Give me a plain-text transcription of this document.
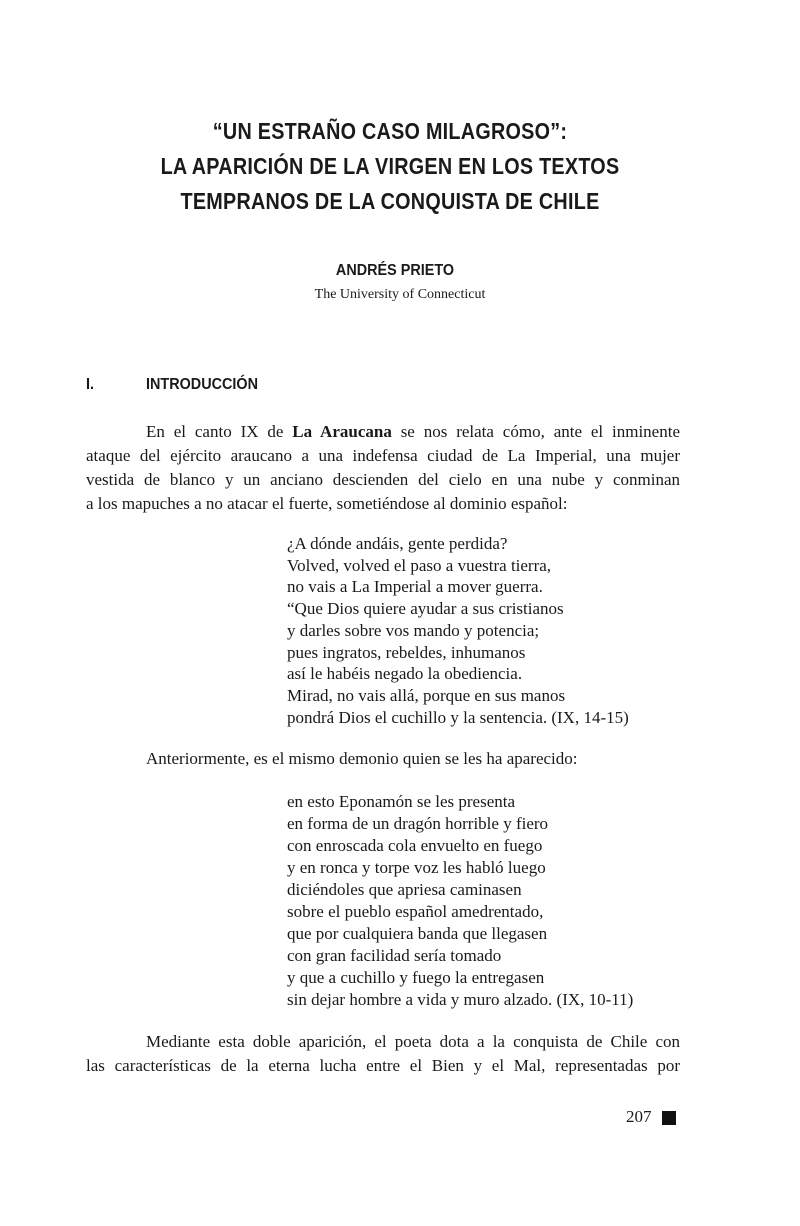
“UN ESTRAÑO CASO MILAGROSO”:
LA APARICIÓN DE LA VIRGEN EN LOS TEXTOS
TEMPRANOS DE LA CONQUISTA DE CHILE
ANDRÉS PRIETO
The University of Connecticut
I.	INTRODUCCIÓN
En el canto IX de La Araucana se nos relata cómo, ante el inminente
ataque del ejército araucano a una indefensa ciudad de La Imperial, una mujer
vestida de blanco y un anciano descienden del cielo en una nube y conminan
a los mapuches a no atacar el fuerte, sometiéndose al dominio español:
¿A dónde andáis, gente perdida?
Volved, volved el paso a vuestra tierra,
no vais a La Imperial a mover guerra.
“Que Dios quiere ayudar a sus cristianos
y darles sobre vos mando y potencia;
pues ingratos, rebeldes, inhumanos
así le habéis negado la obediencia.
Mirad, no vais allá, porque en sus manos
pondrá Dios el cuchillo y la sentencia. (IX, 14-15)
Anteriormente, es el mismo demonio quien se les ha aparecido:
en esto Eponamón se les presenta
en forma de un dragón horrible y fiero
con enroscada cola envuelto en fuego
y en ronca y torpe voz les habló luego
diciéndoles que apriesa caminasen
sobre el pueblo español amedrentado,
que por cualquiera banda que llegasen
con gran facilidad sería tomado
y que a cuchillo y fuego la entregasen
sin dejar hombre a vida y muro alzado. (IX, 10-11)
Mediante esta doble aparición, el poeta dota a la conquista de Chile con
las características de la eterna lucha entre el Bien y el Mal, representadas por
207
